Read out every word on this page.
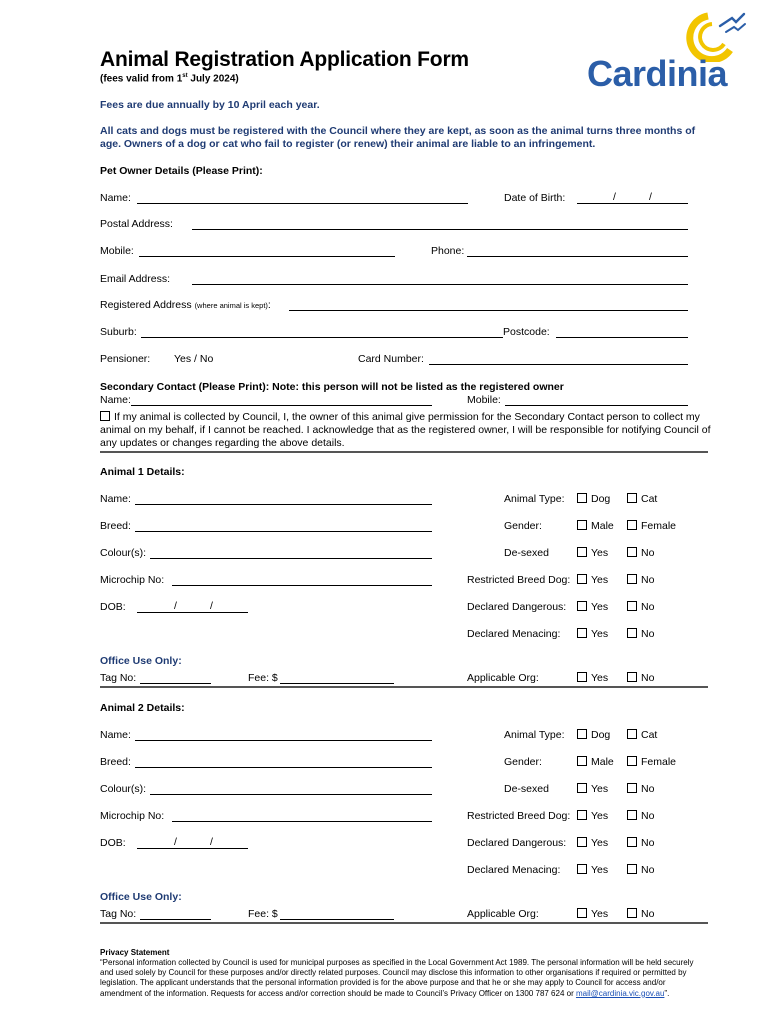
Animal Registration Application Form
(fees valid from 1st July 2024)	Cardinia
Fees are due annually by 10 April each year.
All cats and dogs must be registered with the Council where they are kept, as soon as the animal turns three months of age. Owners of a dog or cat who fail to register (or renew) their animal are liable to an infringement.
Pet Owner Details (Please Print):
Name:	Date of Birth:	/	/
Postal Address:
Mobile:	Phone:
Email Address:
Registered Address (where animal is kept):
Suburb:	Postcode:
Pensioner: Yes / No	Card Number:
Secondary Contact (Please Print): Note: this person will not be listed as the registered owner
Name:	Mobile:
If my animal is collected by Council, I, the owner of this animal give permission for the Secondary Contact person to collect my animal on my behalf, if I cannot be reached. I acknowledge that as the registered owner, I will be responsible for notifying Council of any updates or changes regarding the above details.
Animal 1 Details:
Name:	Animal Type:	Dog	Cat
Breed:	Gender:	Male	Female
Colour(s):	De-sexed	Yes	No
Microchip No:	Restricted Breed Dog:	Yes	No
DOB:	/	/	Declared Dangerous:	Yes	No
Declared Menacing:	Yes	No
Office Use Only:
Tag No:	Fee: $	Applicable Org:	Yes	No
Animal 2 Details:
Name:	Animal Type:	Dog	Cat
Breed:	Gender:	Male	Female
Colour(s):	De-sexed	Yes	No
Microchip No:	Restricted Breed Dog:	Yes	No
DOB:	/	/	Declared Dangerous:	Yes	No
Declared Menacing:	Yes	No
Office Use Only:
Tag No:	Fee: $	Applicable Org:	Yes	No
Privacy Statement
“Personal information collected by Council is used for municipal purposes as specified in the Local Government Act 1989. The personal information will be held securely and used solely by Council for these purposes and/or directly related purposes. Council may disclose this information to other organisations if required or permitted by legislation. The applicant understands that the personal information provided is for the above purpose and that he or she may apply to Council for access and/or amendment of the information. Requests for access and/or correction should be made to Council’s Privacy Officer on 1300 787 624 or mail@cardinia.vic.gov.au”.
